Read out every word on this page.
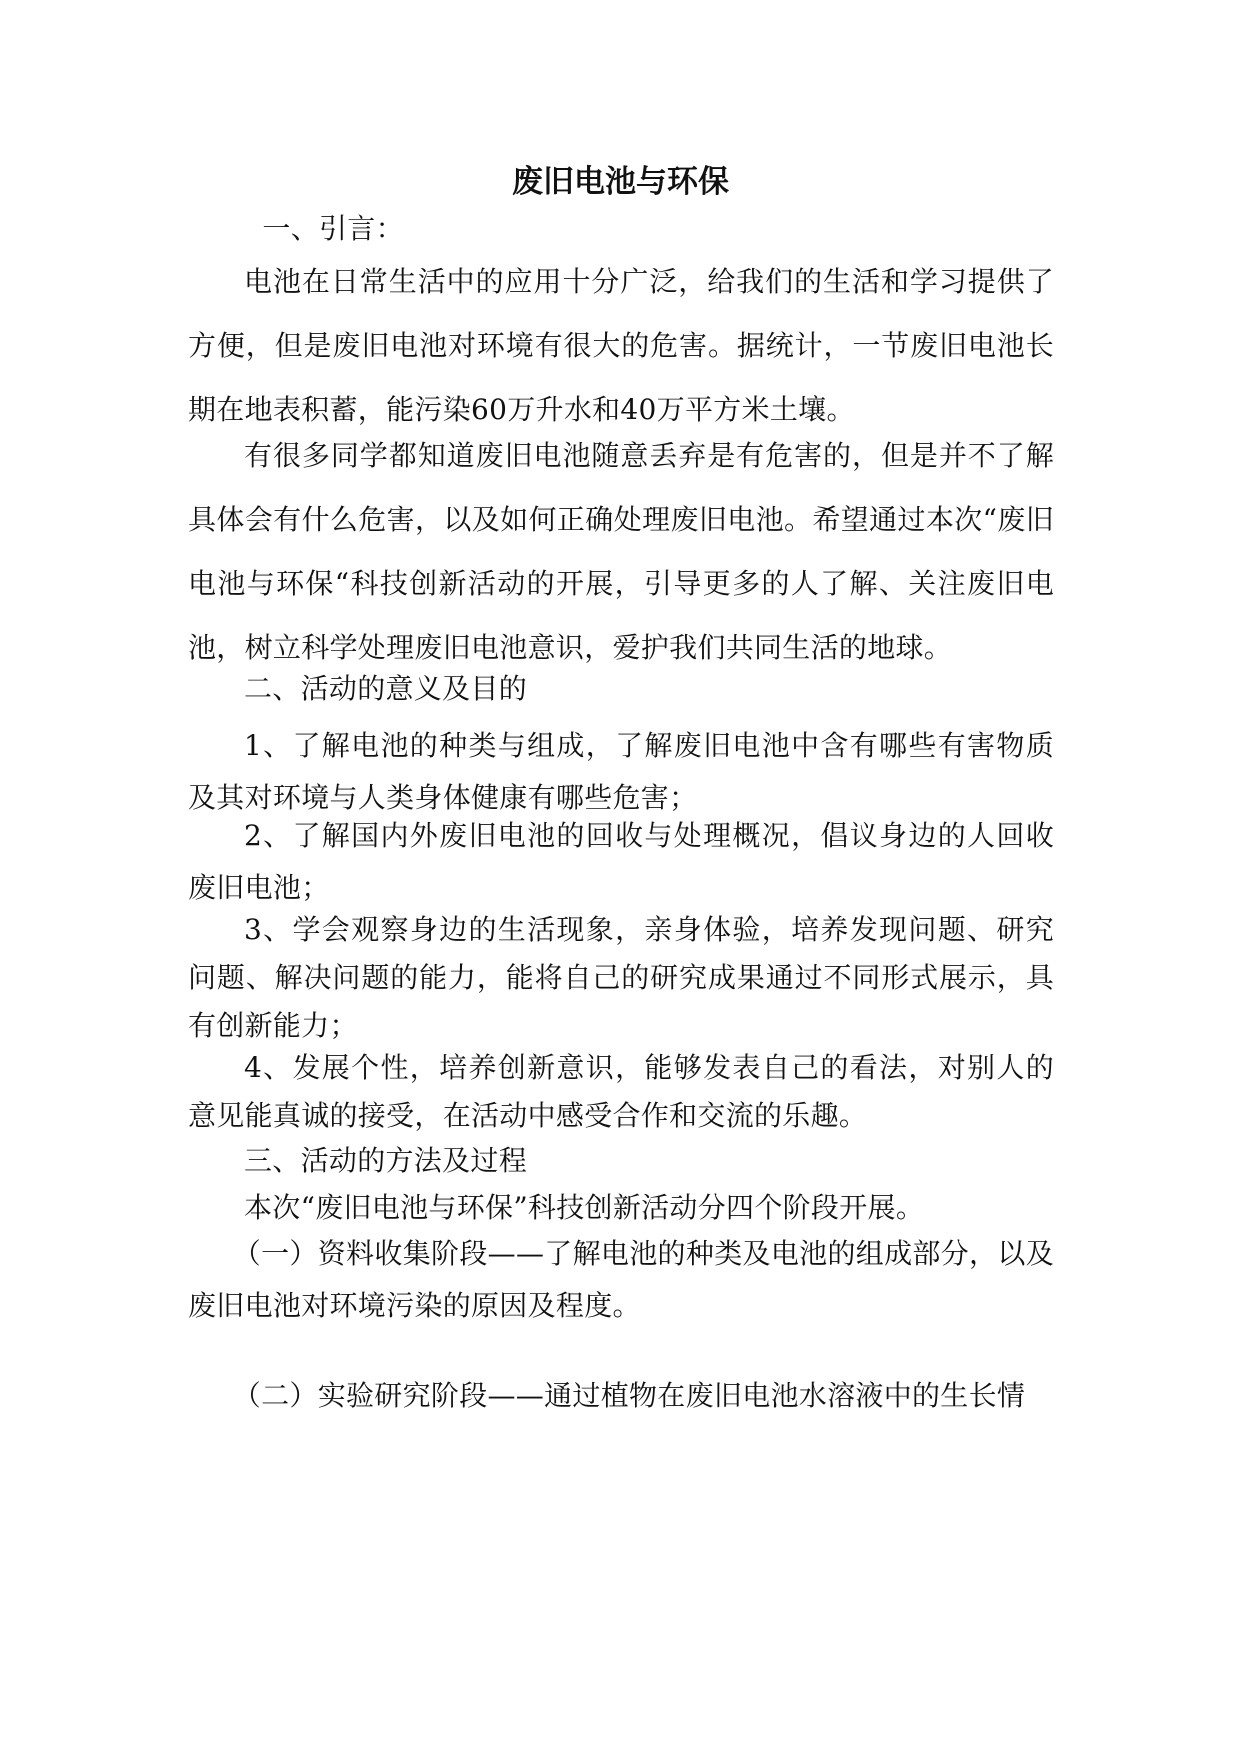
废旧电池与环保

一、引言：

电池在日常生活中的应用十分广泛，给我们的生活和学习提供了方便，但是废旧电池对环境有很大的危害。据统计，一节废旧电池长期在地表积蓄，能污染60万升水和40万平方米土壤。

有很多同学都知道废旧电池随意丢弃是有危害的，但是并不了解具体会有什么危害，以及如何正确处理废旧电池。希望通过本次“废旧电池与环保“科技创新活动的开展，引导更多的人了解、关注废旧电池，树立科学处理废旧电池意识，爱护我们共同生活的地球。

二、活动的意义及目的

1、了解电池的种类与组成，了解废旧电池中含有哪些有害物质及其对环境与人类身体健康有哪些危害；

2、了解国内外废旧电池的回收与处理概况，倡议身边的人回收废旧电池；

3、学会观察身边的生活现象，亲身体验，培养发现问题、研究问题、解决问题的能力，能将自己的研究成果通过不同形式展示，具有创新能力；

4、发展个性，培养创新意识，能够发表自己的看法，对别人的意见能真诚的接受，在活动中感受合作和交流的乐趣。

三、活动的方法及过程

本次“废旧电池与环保”科技创新活动分四个阶段开展。

（一）资料收集阶段——了解电池的种类及电池的组成部分，以及废旧电池对环境污染的原因及程度。

（二）实验研究阶段——通过植物在废旧电池水溶液中的生长情
